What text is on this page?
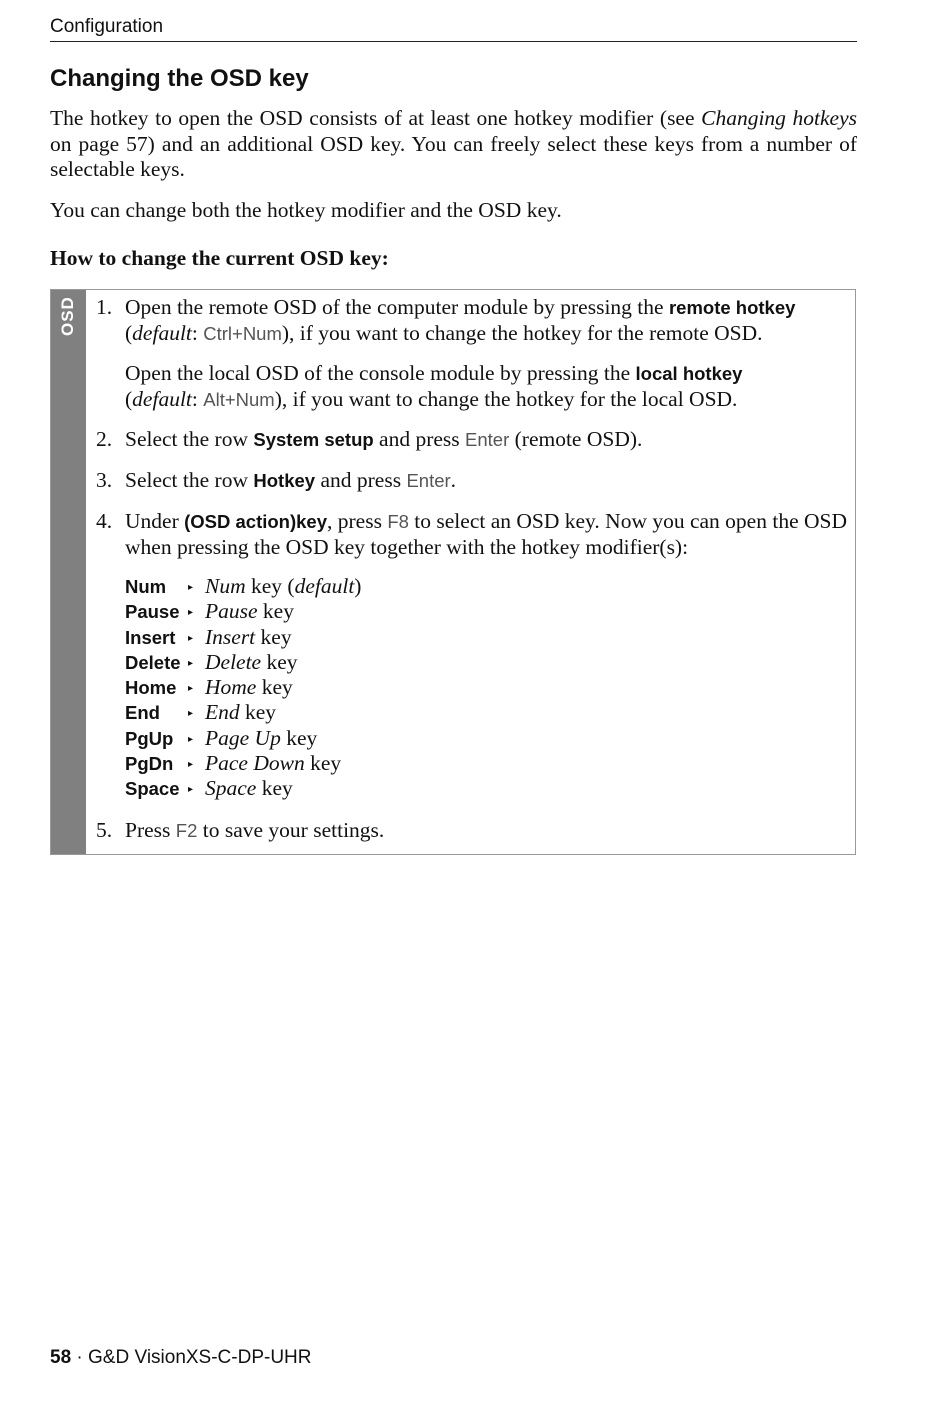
Configuration
Changing the OSD key

The hotkey to open the OSD consists of at least one hotkey modifier (see Changing hotkeys on page 57) and an additional OSD key. You can freely select these keys from a number of selectable keys.

You can change both the hotkey modifier and the OSD key.

How to change the current OSD key:

OSD 1. Open the remote OSD of the computer module by pressing the remote hotkey
(default: Ctrl+Num), if you want to change the hotkey for the remote OSD.
Open the local OSD of the console module by pressing the local hotkey
(default: Alt+Num), if you want to change the hotkey for the local OSD.
2. Select the row System setup and press Enter (remote OSD).
3. Select the row Hotkey and press Enter.
4. Under (OSD action)key, press F8 to select an OSD key. Now you can open the OSD when pressing the OSD key together with the hotkey modifier(s):
Num ▸ Num key (default)
Pause ▸ Pause key
Insert ▸ Insert key
Delete ▸ Delete key
Home ▸ Home key
End	▸ End key
PgUp ▸ Page Up key
PgDn ▸ Pace Down key
Space ▸ Space key
5. Press F2 to save your settings.
58 · G&D VisionXS-C-DP-UHR
